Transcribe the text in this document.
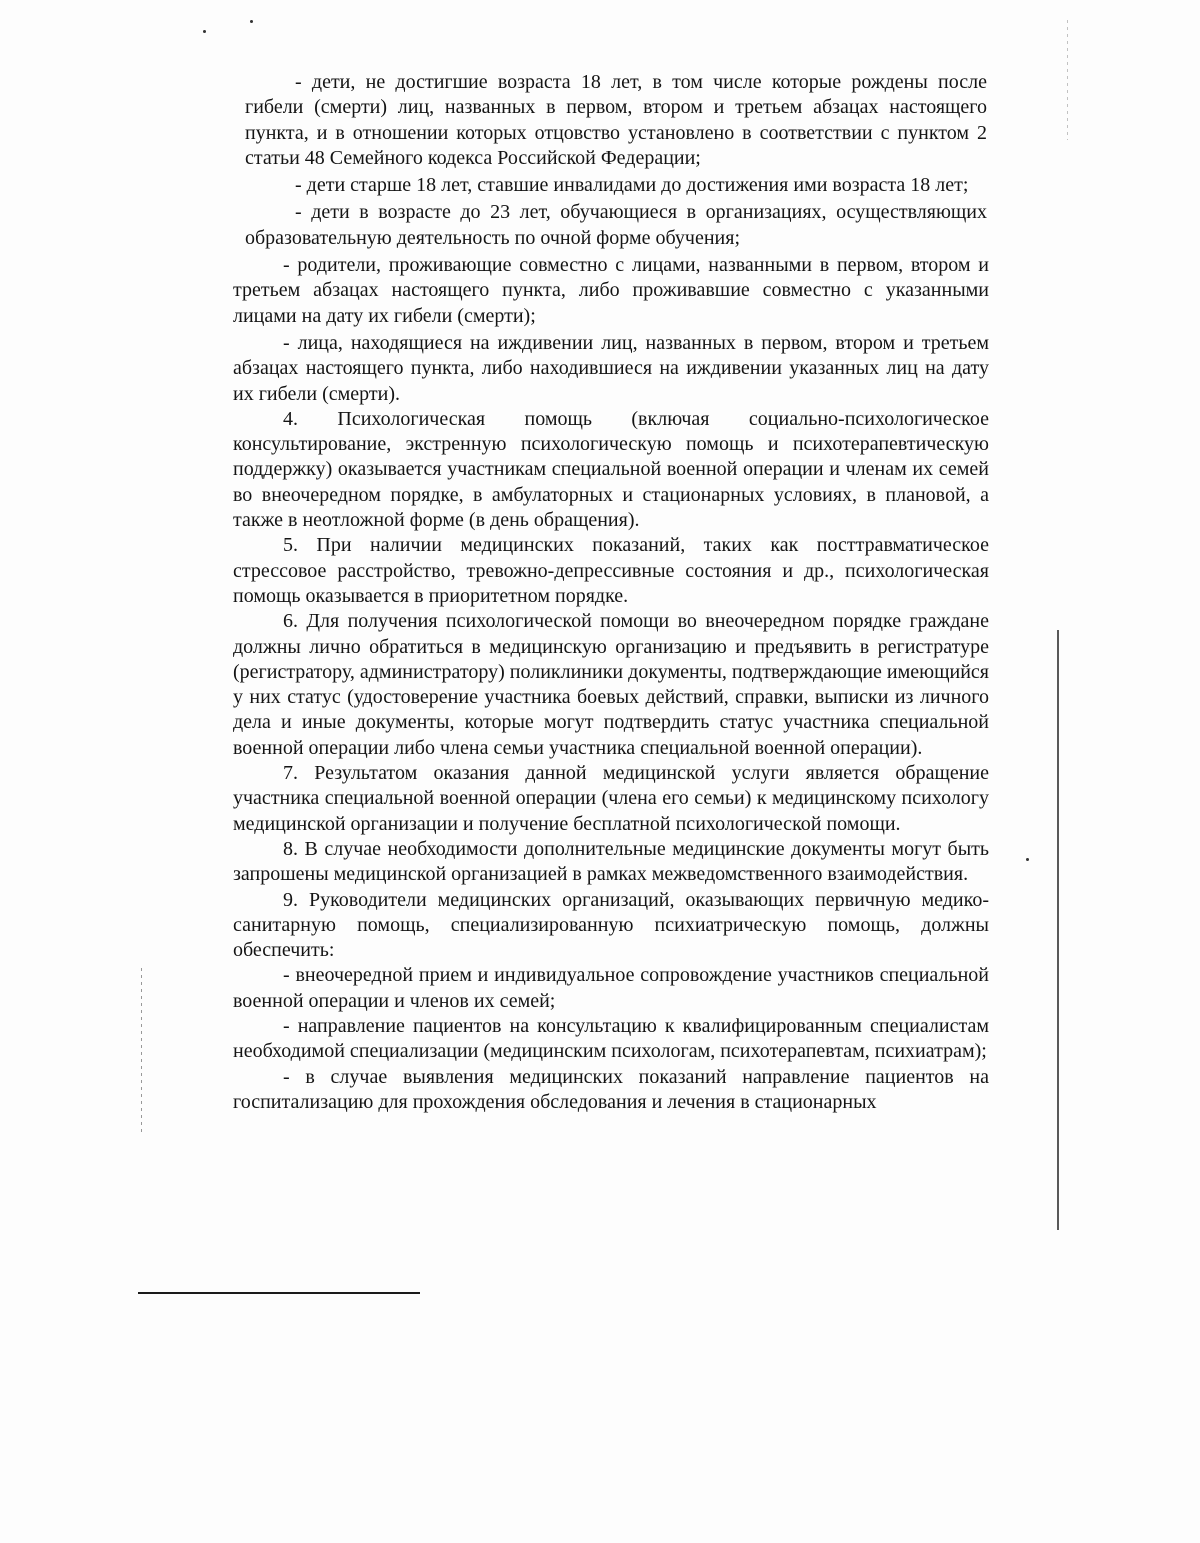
- дети, не достигшие возраста 18 лет, в том числе которые рождены после гибели (смерти) лиц, названных в первом, втором и третьем абзацах настоящего пункта, и в отношении которых отцовство установлено в соответствии с пунктом 2 статьи 48 Семейного кодекса Российской Федерации;

- дети старше 18 лет, ставшие инвалидами до достижения ими возраста 18 лет;

- дети в возрасте до 23 лет, обучающиеся в организациях, осуществляющих образовательную деятельность по очной форме обучения;

- родители, проживающие совместно с лицами, названными в первом, втором и третьем абзацах настоящего пункта, либо проживавшие совместно с указанными лицами на дату их гибели (смерти);

- лица, находящиеся на иждивении лиц, названных в первом, втором и третьем абзацах настоящего пункта, либо находившиеся на иждивении указанных лиц на дату их гибели (смерти).

4. Психологическая помощь (включая социально-психологическое консультирование, экстренную психологическую помощь и психотерапевтическую поддержку) оказывается участникам специальной военной операции и членам их семей во внеочередном порядке, в амбулаторных и стационарных условиях, в плановой, а также в неотложной форме (в день обращения).

5. При наличии медицинских показаний, таких как посттравматическое стрессовое расстройство, тревожно-депрессивные состояния и др., психологическая помощь оказывается в приоритетном порядке.

6. Для получения психологической помощи во внеочередном порядке граждане должны лично обратиться в медицинскую организацию и предъявить в регистратуре (регистратору, администратору) поликлиники документы, подтверждающие имеющийся у них статус (удостоверение участника боевых действий, справки, выписки из личного дела и иные документы, которые могут подтвердить статус участника специальной военной операции либо члена семьи участника специальной военной операции).

7. Результатом оказания данной медицинской услуги является обращение участника специальной военной операции (члена его семьи) к медицинскому психологу медицинской организации и получение бесплатной психологической помощи.

8. В случае необходимости дополнительные медицинские документы могут быть запрошены медицинской организацией в рамках межведомственного взаимодействия.

9. Руководители медицинских организаций, оказывающих первичную медико-санитарную помощь, специализированную психиатрическую помощь, должны обеспечить:

- внеочередной прием и индивидуальное сопровождение участников специальной военной операции и членов их семей;

- направление пациентов на консультацию к квалифицированным специалистам необходимой специализации (медицинским психологам, психотерапевтам, психиатрам);

- в случае выявления медицинских показаний направление пациентов на госпитализацию для прохождения обследования и лечения в стационарных
